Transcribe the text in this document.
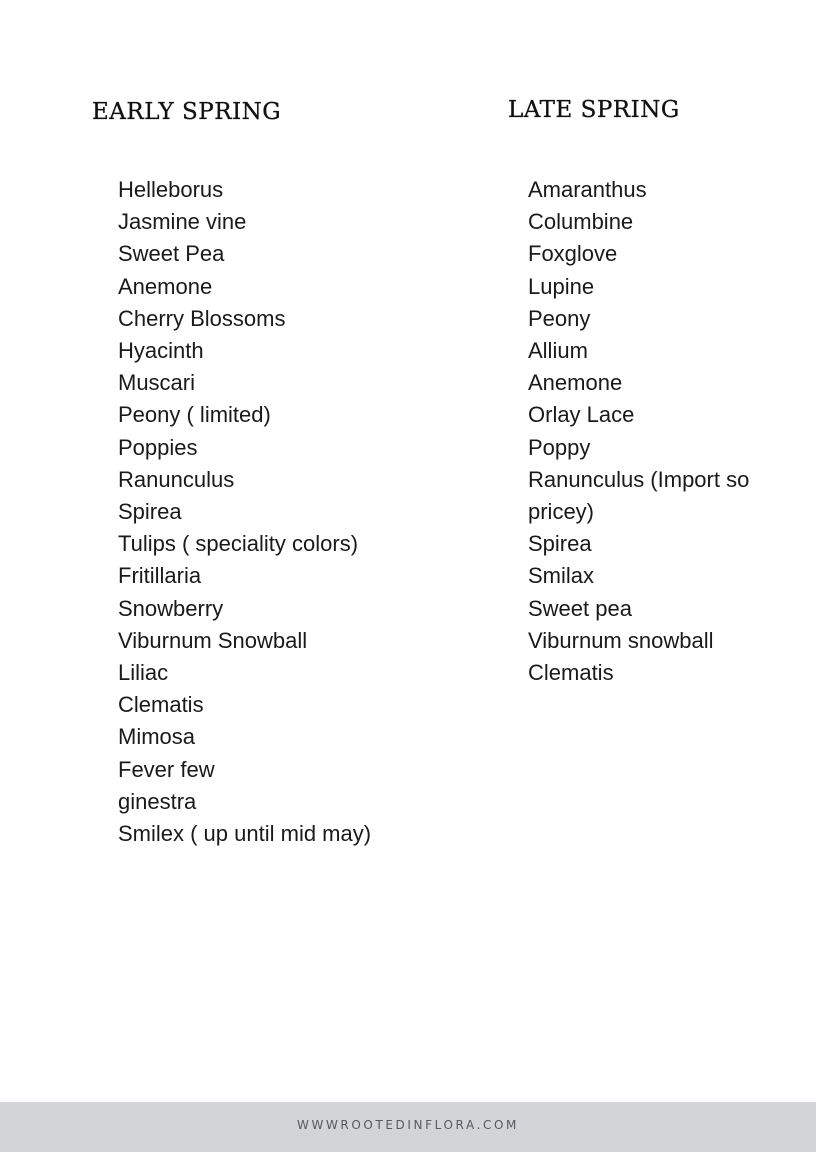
EARLY SPRING
Helleborus
Jasmine vine
Sweet Pea
Anemone
Cherry Blossoms
Hyacinth
Muscari
Peony ( limited)
Poppies
Ranunculus
Spirea
Tulips ( speciality colors)
Fritillaria
Snowberry
Viburnum Snowball
Liliac
Clematis
Mimosa
Fever few
ginestra
Smilex ( up until mid may)
LATE SPRING
Amaranthus
Columbine
Foxglove
Lupine
Peony
Allium
Anemone
Orlay Lace
Poppy
Ranunculus (Import so pricey)
Spirea
Smilax
Sweet pea
Viburnum snowball
Clematis
WWWROOTEDINFLORA.COM
